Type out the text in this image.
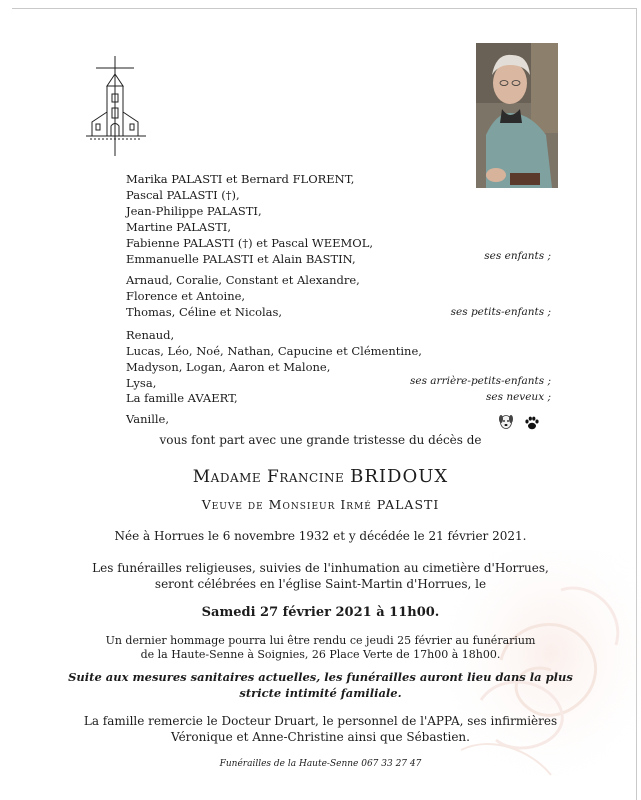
Marika PALASTI et Bernard FLORENT,
Pascal PALASTI (†),
Jean-Philippe PALASTI,
Martine PALASTI,
Fabienne PALASTI (†) et Pascal WEEMOL,
Emmanuelle PALASTI et Alain BASTIN,	ses enfants ;
Arnaud, Coralie, Constant et Alexandre,
Florence et Antoine,
Thomas, Céline et Nicolas,	ses petits-enfants ;
Renaud,
Lucas, Léo, Noé, Nathan, Capucine et Clémentine,
Madyson, Logan, Aaron et Malone,
Lysa,	ses arrière-petits-enfants ;
La famille AVAERT,	ses neveux ;
Vanille,

vous font part avec une grande tristesse du décès de
Madame Francine BRIDOUX
Veuve de Monsieur Irmé PALASTI
Née à Horrues le 6 novembre 1932 et y décédée le 21 février 2021.
Les funérailles religieuses, suivies de l'inhumation au cimetière d'Horrues,
seront célébrées en l'église Saint-Martin d'Horrues, le
Samedi 27 février 2021 à 11h00.
Un dernier hommage pourra lui être rendu ce jeudi 25 février au funérarium
de la Haute-Senne à Soignies, 26 Place Verte de 17h00 à 18h00.
Suite aux mesures sanitaires actuelles, les funérailles auront lieu dans la plus
stricte intimité familiale.
La famille remercie le Docteur Druart, le personnel de l'APPA, ses infirmières
Véronique et Anne-Christine ainsi que Sébastien.
Funérailles de la Haute-Senne 067 33 27 47
